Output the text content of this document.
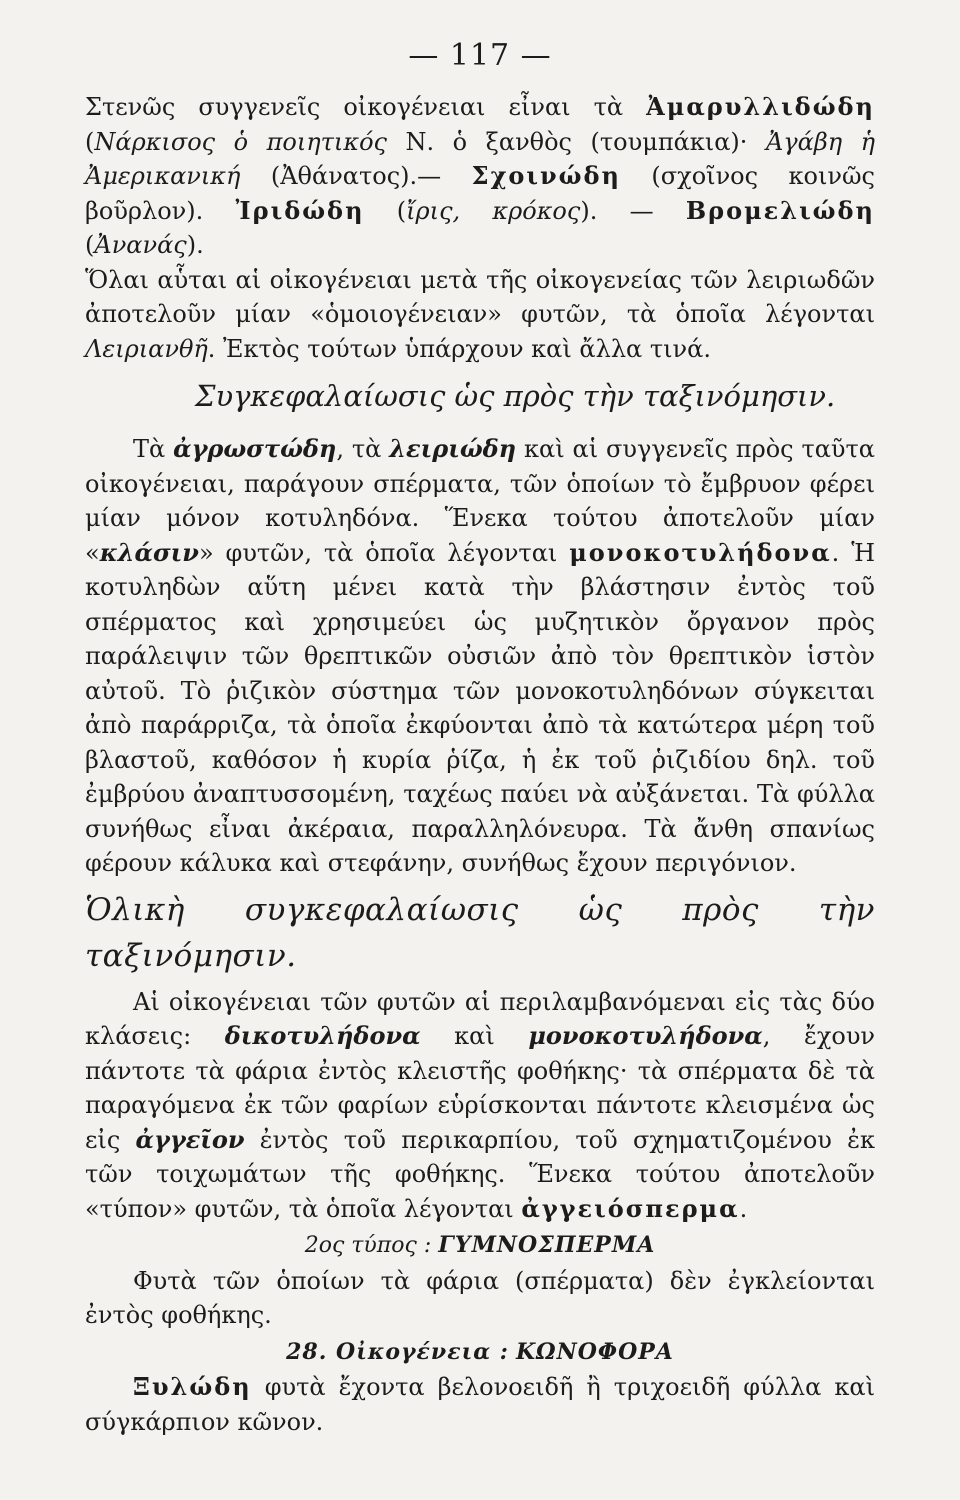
— 117 —

Στενῶς συγγενεῖς οἰκογένειαι εἶναι τὰ Ἀμαρυλλιδώδη (Νάρκισος ὁ ποιητικός Ν. ὁ ξανθὸς (τουμπάκια)· Ἀγάβη ἡ Ἀμερικανική (Ἀθάνατος).— Σχοινώδη (σχοῖνος κοινῶς βοῦρλον). Ἰριδώδη (ἴρις, κρόκος). — Βρομελιώδη (Ἀνανάς).

Ὅλαι αὗται αἱ οἰκογένειαι μετὰ τῆς οἰκογενείας τῶν λειριωδῶν ἀποτελοῦν μίαν «ὁμοιογένειαν» φυτῶν, τὰ ὁποῖα λέγονται Λειριανθῆ. Ἐκτὸς τούτων ὑπάρχουν καὶ ἄλλα τινά.

Συγκεφαλαίωσις ὡς πρὸς τὴν ταξινόμησιν.

Τὰ ἀγρωστώδη, τὰ λειριώδη καὶ αἱ συγγενεῖς πρὸς ταῦτα οἰκογένειαι, παράγουν σπέρματα, τῶν ὁποίων τὸ ἔμβρυον φέρει μίαν μόνον κοτυληδόνα. Ἕνεκα τούτου ἀποτελοῦν μίαν «κλάσιν» φυτῶν, τὰ ὁποῖα λέγονται μονοκοτυλήδονα. Ἡ κοτυληδὼν αὕτη μένει κατὰ τὴν βλάστησιν ἐντὸς τοῦ σπέρματος καὶ χρησιμεύει ὡς μυζητικὸν ὄργανον πρὸς παράλειψιν τῶν θρεπτικῶν οὐσιῶν ἀπὸ τὸν θρεπτικὸν ἱστὸν αὐτοῦ. Τὸ ῥιζικὸν σύστημα τῶν μονοκοτυληδόνων σύγκειται ἀπὸ παράρριζα, τὰ ὁποῖα ἐκφύονται ἀπὸ τὰ κατώτερα μέρη τοῦ βλαστοῦ, καθόσον ἡ κυρία ῥίζα, ἡ ἐκ τοῦ ῥιζιδίου δηλ. τοῦ ἐμβρύου ἀναπτυσσομένη, ταχέως παύει νὰ αὐξάνεται. Τὰ φύλλα συνήθως εἶναι ἀκέραια, παραλληλόνευρα. Τὰ ἄνθη σπανίως φέρουν κάλυκα καὶ στεφάνην, συνήθως ἔχουν περιγόνιον.

Ὁλικὴ συγκεφαλαίωσις ὡς πρὸς τὴν ταξινόμησιν.

Αἱ οἰκογένειαι τῶν φυτῶν αἱ περιλαμβανόμεναι εἰς τὰς δύο κλάσεις: δικοτυλήδονα καὶ μονοκοτυλήδονα, ἔχουν πάντοτε τὰ φάρια ἐντὸς κλειστῆς φοθήκης· τὰ σπέρματα δὲ τὰ παραγόμενα ἐκ τῶν φαρίων εὑρίσκονται πάντοτε κλεισμένα ὡς εἰς ἀγγεῖον ἐντὸς τοῦ περικαρπίου, τοῦ σχηματιζομένου ἐκ τῶν τοιχωμάτων τῆς φοθήκης. Ἕνεκα τούτου ἀποτελοῦν «τύπον» φυτῶν, τὰ ὁποῖα λέγονται ἀγγειόσπερμα.

2ος τύπος : ΓΥΜΝΟΣΠΕΡΜΑ

Φυτὰ τῶν ὁποίων τὰ φάρια (σπέρματα) δὲν ἐγκλείονται ἐντὸς φοθήκης.

28. Οἰκογένεια : ΚΩΝΟΦΟΡΑ

Ξυλώδη φυτὰ ἔχοντα βελονοειδῆ ἢ τριχοειδῆ φύλλα καὶ σύγκάρπιον κῶνον.
